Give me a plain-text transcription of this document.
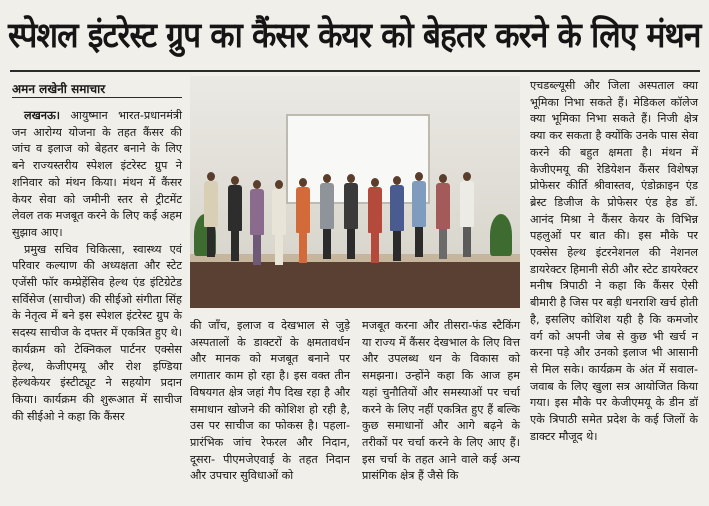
स्पेशल इंटरेस्ट ग्रुप का कैंसर केयर को बेहतर करने के लिए मंथन
अमन लखेनी समाचार

लखनऊ। आयुष्मान भारत-प्रधानमंत्री जन आरोग्य योजना के तहत कैंसर की जांच व इलाज को बेहतर बनाने के लिए बने राज्यस्तरीय स्पेशल इंटरेस्ट ग्रुप ने शनिवार को मंथन किया। मंथन में कैंसर केयर सेवा को जमीनी स्तर से ट्रीटमेंट लेवल तक मजबूत करने के लिए कई अहम सुझाव आए।

प्रमुख सचिव चिकित्सा, स्वास्थ्य एवं परिवार कल्याण की अध्यक्षता और स्टेट एजेंसी फॉर कम्प्रेहेंसिव हेल्थ एंड इंटिग्रेटेड सर्विसेज (साचीज) की सीईओ संगीता सिंह के नेतृत्व में बने इस स्पेशल इंटरेस्ट ग्रुप के सदस्य साचीज के दफ्तर में एकत्रित हुए थे। कार्यक्रम को टेक्निकल पार्टनर एक्सेस हेल्थ, केजीएमयू और रोश इण्डिया हेल्थकेयर इंस्टीट्यूट ने सहयोग प्रदान किया। कार्यक्रम की शुरूआत में साचीज की सीईओ ने कहा कि कैंसर

की जाँच, इलाज व देखभाल से जुड़े अस्पतालों के डाक्टरों के क्षमतावर्धन और मानक को मजबूत बनाने पर लगातार काम हो रहा है। इस वक्त तीन विषयगत क्षेत्र जहां गैप दिख रहा है और समाधान खोजने की कोशिश हो रही है, उस पर साचीज का फोकस है। पहला- प्रारंभिक जांच रेफरल और निदान, दूसरा- पीएमजेएवाई के तहत निदान और उपचार सुविधाओं को

मजबूत करना और तीसरा-फंड स्टैकिंग या राज्य में कैंसर देखभाल के लिए वित्त और उपलब्ध धन के विकास को समझना। उन्होंने कहा कि आज हम यहां चुनौतियों और समस्याओं पर चर्चा करने के लिए नहीं एकत्रित हुए हैं बल्कि कुछ समाधानों और आगे बढ़ने के तरीकों पर चर्चा करने के लिए आए हैं। इस चर्चा के तहत आने वाले कई अन्य प्रासंगिक क्षेत्र हैं जैसे कि

एचडब्ल्यूसी और जिला अस्पताल क्या भूमिका निभा सकते हैं। मेडिकल कॉलेज क्या भूमिका निभा सकते हैं। निजी क्षेत्र क्या कर सकता है क्योंकि उनके पास सेवा करने की बहुत क्षमता है। मंथन में केजीएमयू की रेडियेशन कैंसर विशेषज्ञ प्रोफेसर कीर्ति श्रीवास्तव, एंडोक्राइन एंड ब्रेस्ट डिजीज के प्रोफेसर एंड हेड डॉ. आनंद मिश्रा ने कैंसर केयर के विभिन्न पहलुओं पर बात की। इस मौके पर एक्सेस हेल्थ इंटरनेशनल की नेशनल डायरेक्टर हिमानी सेठी और स्टेट डायरेक्टर मनीष त्रिपाठी ने कहा कि कैंसर ऐसी बीमारी है जिस पर बड़ी धनराशि खर्च होती है, इसलिए कोशिश यही है कि कमजोर वर्ग को अपनी जेब से कुछ भी खर्च न करना पड़े और उनको इलाज भी आसानी से मिल सके। कार्यक्रम के अंत में सवाल-जवाब के लिए खुला सत्र आयोजित किया गया। इस मौके पर केजीएमयू के डीन डॉ एके त्रिपाठी समेत प्रदेश के कई जिलों के डाक्टर मौजूद थे।
